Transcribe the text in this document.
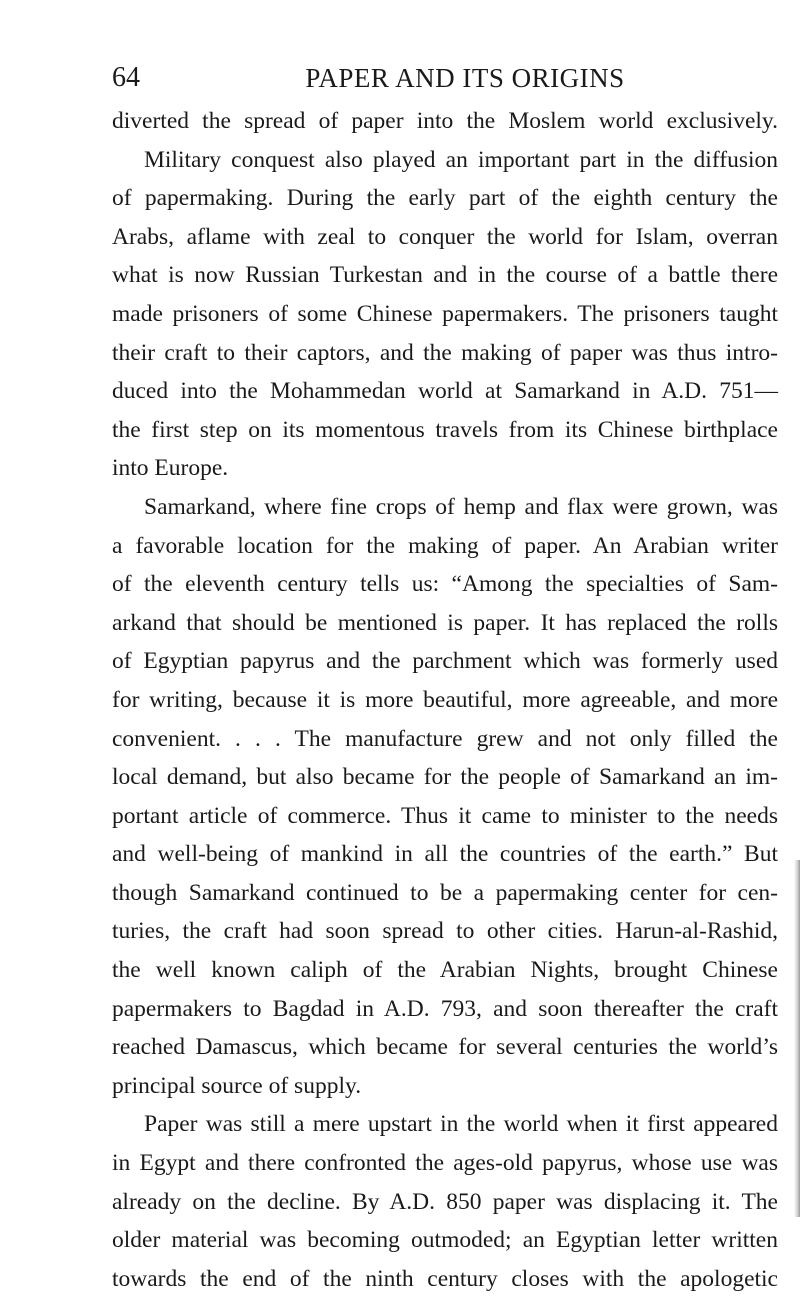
64	PAPER AND ITS ORIGINS
diverted the spread of paper into the Moslem world exclusively.
Military conquest also played an important part in the diffusion
of papermaking. During the early part of the eighth century the
Arabs, aflame with zeal to conquer the world for Islam, overran
what is now Russian Turkestan and in the course of a battle there
made prisoners of some Chinese papermakers. The prisoners taught
their craft to their captors, and the making of paper was thus intro-
duced into the Mohammedan world at Samarkand in A.D. 751—
the first step on its momentous travels from its Chinese birthplace
into Europe.
Samarkand, where fine crops of hemp and flax were grown, was
a favorable location for the making of paper. An Arabian writer
of the eleventh century tells us: “Among the specialties of Sam-
arkand that should be mentioned is paper. It has replaced the rolls
of Egyptian papyrus and the parchment which was formerly used
for writing, because it is more beautiful, more agreeable, and more
convenient. . . . The manufacture grew and not only filled the
local demand, but also became for the people of Samarkand an im-
portant article of commerce. Thus it came to minister to the needs
and well-being of mankind in all the countries of the earth.” But
though Samarkand continued to be a papermaking center for cen-
turies, the craft had soon spread to other cities. Harun-al-Rashid,
the well known caliph of the Arabian Nights, brought Chinese
papermakers to Bagdad in A.D. 793, and soon thereafter the craft
reached Damascus, which became for several centuries the world’s
principal source of supply.
Paper was still a mere upstart in the world when it first appeared
in Egypt and there confronted the ages-old papyrus, whose use was
already on the decline. By A.D. 850 paper was displacing it. The
older material was becoming outmoded; an Egyptian letter written
towards the end of the ninth century closes with the apologetic
